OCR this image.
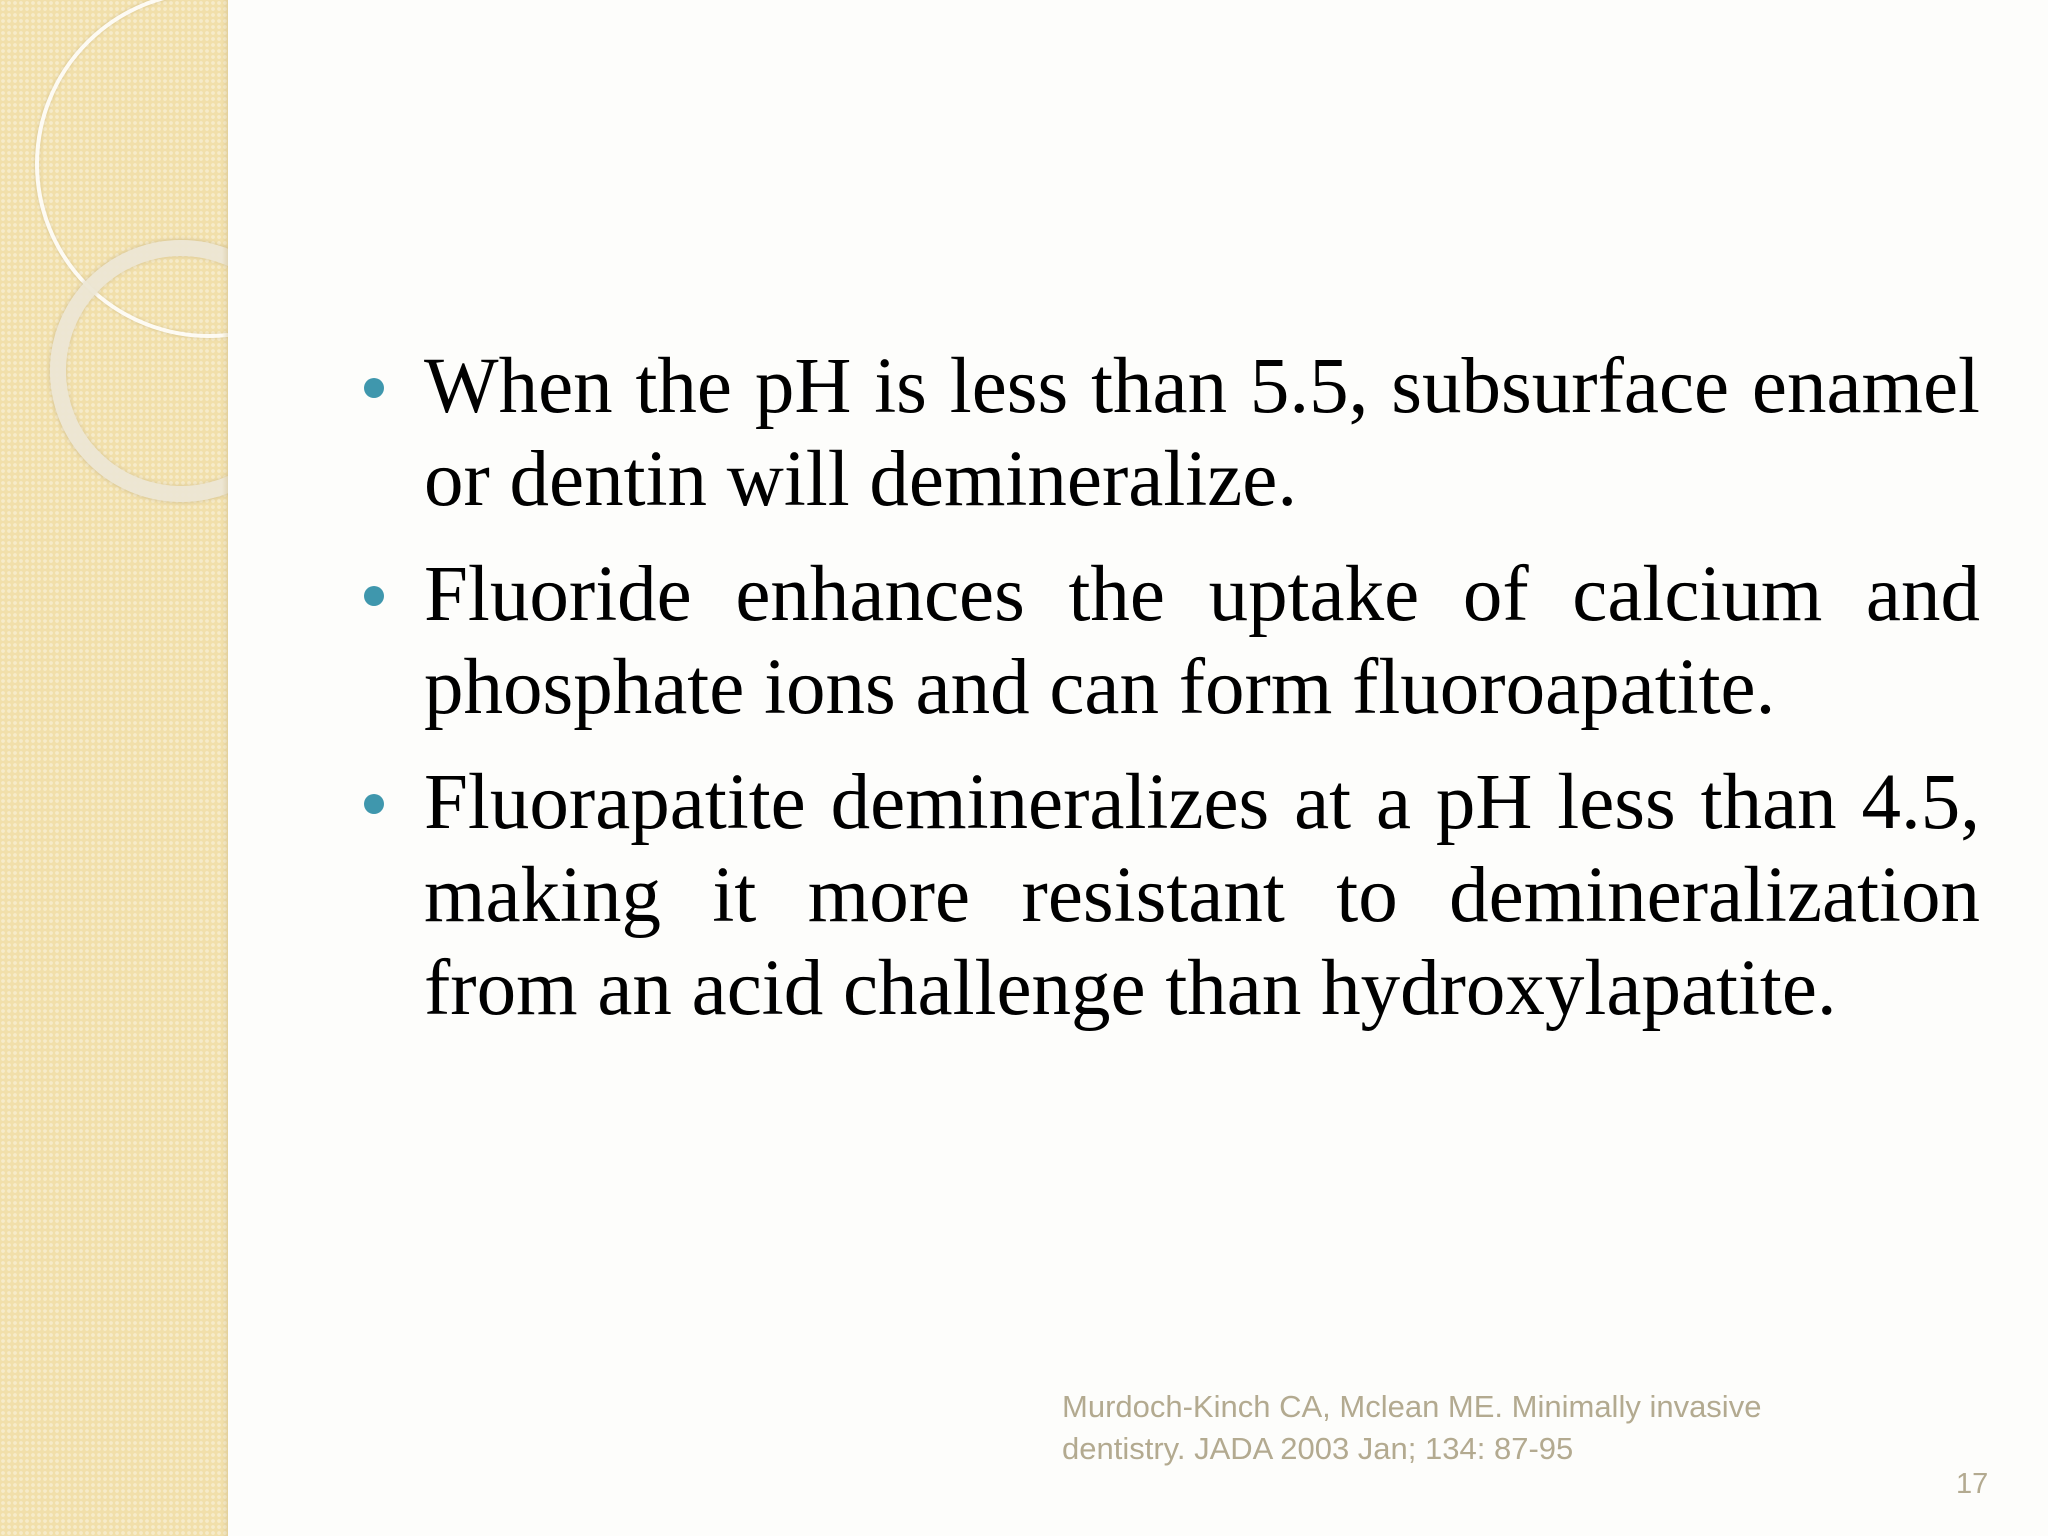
When the pH is less than 5.5, subsurface enamel or dentin will demineralize.
Fluoride enhances the uptake of calcium and phosphate ions and can form fluoroapatite.
Fluorapatite demineralizes at a pH less than 4.5, making it more resistant to demineralization from an acid challenge than hydroxylapatite.
Murdoch-Kinch CA, Mclean ME. Minimally invasive
dentistry. JADA 2003 Jan; 134: 87-95
17
